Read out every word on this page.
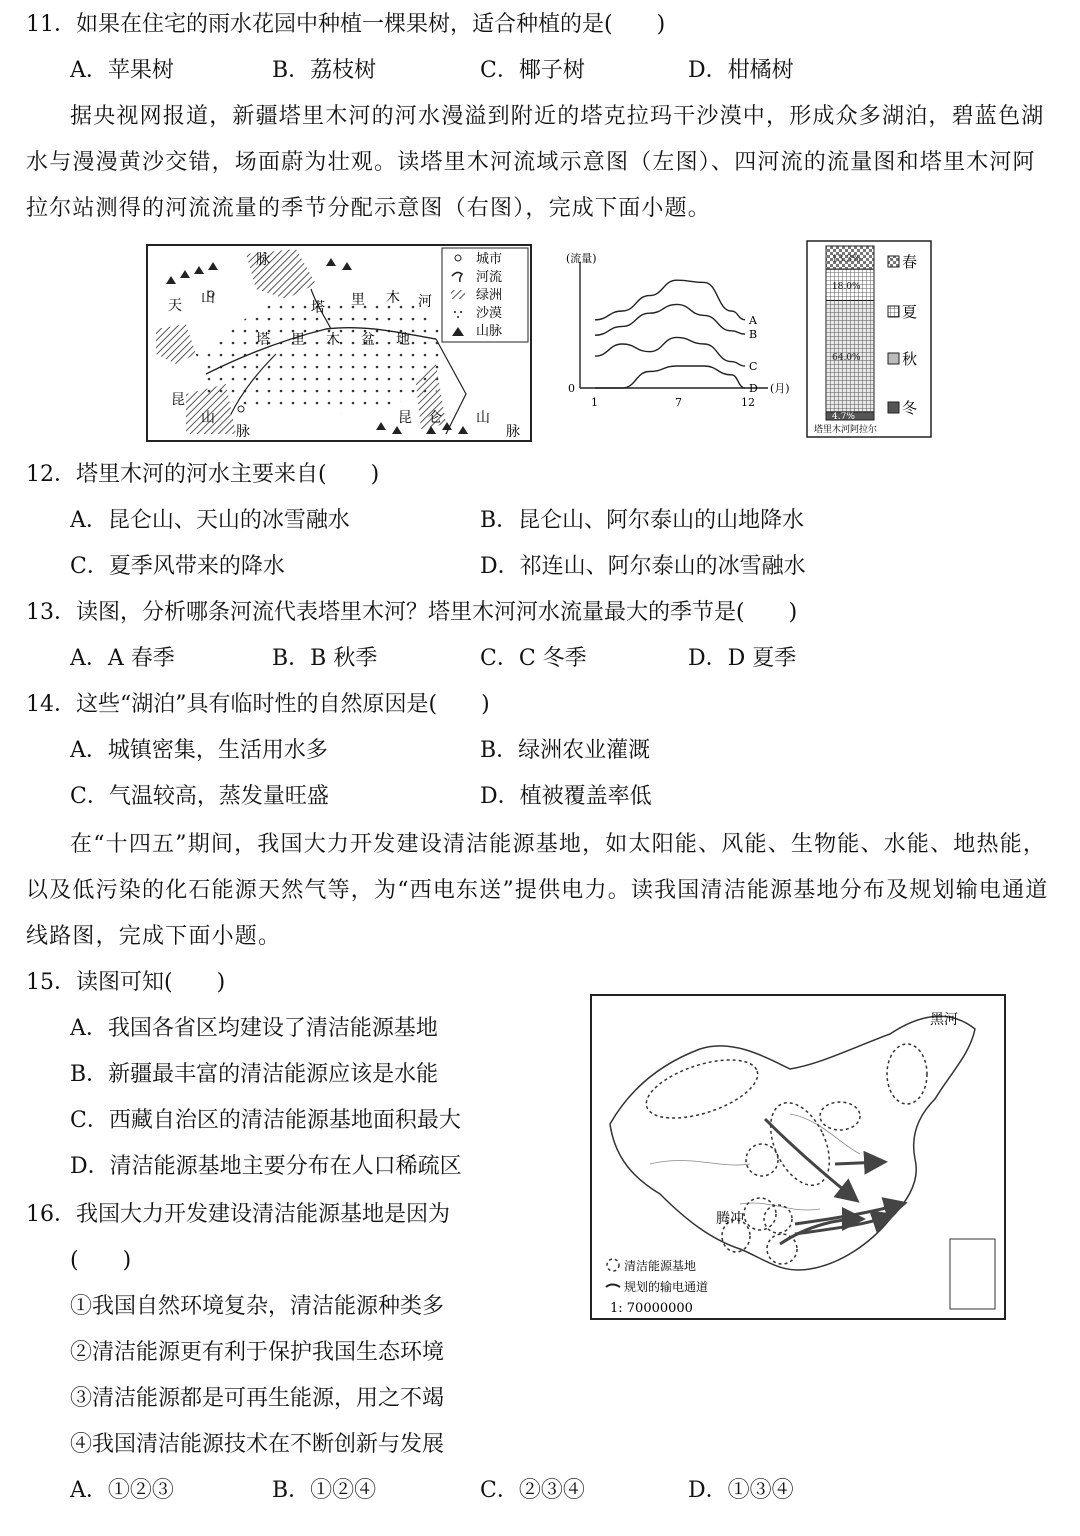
11．如果在住宅的雨水花园中种植一棵果树，适合种植的是(　　)
A．苹果树	B．荔枝树	C．椰子树	D．柑橘树
据央视网报道，新疆塔里木河的河水漫溢到附近的塔克拉玛干沙漠中，形成众多湖泊，碧蓝色湖
水与漫漫黄沙交错，场面蔚为壮观。读塔里木河流域示意图（左图）、四河流的流量图和塔里木河阿
拉尔站测得的河流流量的季节分配示意图（右图），完成下面小题。
天 山
脉
塔 里 木 河
塔 里 木 盆 地
昆
山
脉
昆 仑 山
脉
城市
河流
绿洲
沙漠
山脉
(流量)
(月)
0
1	7	12
A
B
C
D
4.7%
64.0%
18.0%
13.3%
塔里木河阿拉尔
春
夏
秋
冬
12．塔里木河的河水主要来自(　　)
A．昆仑山、天山的冰雪融水	B．昆仑山、阿尔泰山的山地降水
C．夏季风带来的降水	D．祁连山、阿尔泰山的冰雪融水
13．读图，分析哪条河流代表塔里木河？塔里木河河水流量最大的季节是(　　)
A．A 春季	B．B 秋季	C．C 冬季	D．D 夏季
14．这些“湖泊”具有临时性的自然原因是(　　)
A．城镇密集，生活用水多	B．绿洲农业灌溉
C．气温较高，蒸发量旺盛	D．植被覆盖率低
在“十四五”期间，我国大力开发建设清洁能源基地，如太阳能、风能、生物能、水能、地热能，
以及低污染的化石能源天然气等，为“西电东送”提供电力。读我国清洁能源基地分布及规划输电通道
线路图，完成下面小题。
15．读图可知(　　)
A．我国各省区均建设了清洁能源基地
B．新疆最丰富的清洁能源应该是水能
C．西藏自治区的清洁能源基地面积最大
D．清洁能源基地主要分布在人口稀疏区
黑河
腾冲
清洁能源基地
规划的输电通道
1: 70000000
16．我国大力开发建设清洁能源基地是因为
(　　)
①我国自然环境复杂，清洁能源种类多
②清洁能源更有利于保护我国生态环境
③清洁能源都是可再生能源，用之不竭
④我国清洁能源技术在不断创新与发展
A．①②③	B．①②④	C．②③④	D．①③④
